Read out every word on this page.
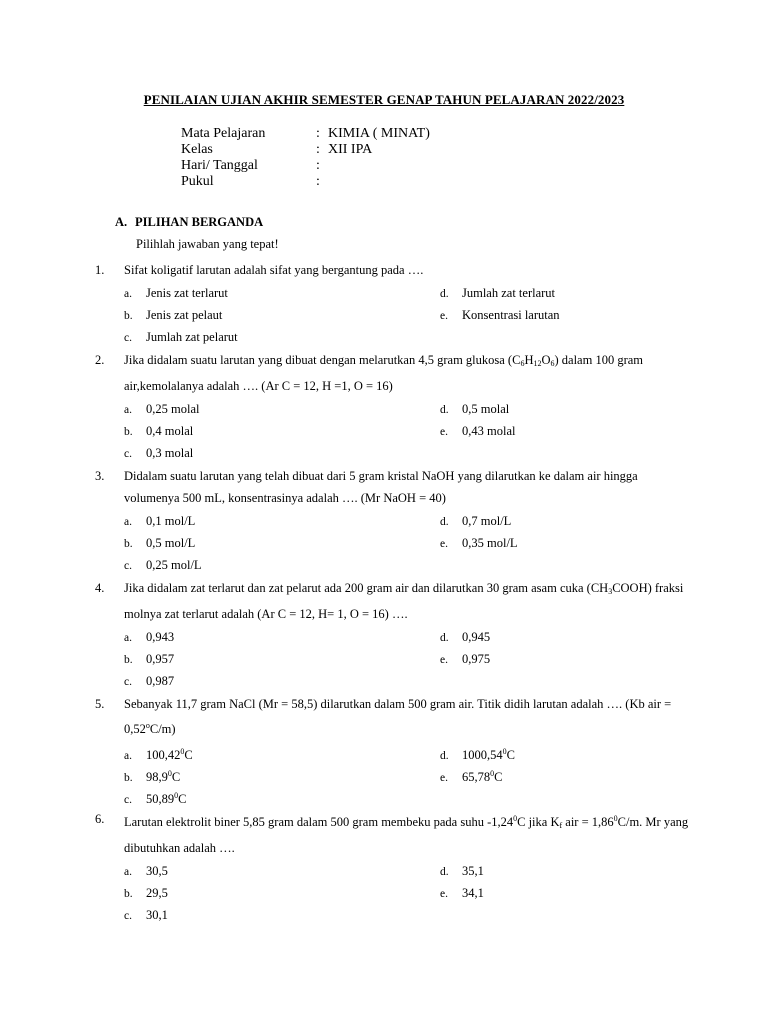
PENILAIAN UJIAN AKHIR SEMESTER GENAP TAHUN PELAJARAN 2022/2023
Mata Pelajaran	: KIMIA ( MINAT)
Kelas	: XII IPA
Hari/ Tanggal	:
Pukul	:
A. PILIHAN BERGANDA
Pilihlah jawaban yang tepat!
1. Sifat koligatif larutan adalah sifat yang bergantung pada ….
a. Jenis zat terlarut
b. Jenis zat pelaut
c. Jumlah zat pelarut
d. Jumlah zat terlarut
e. Konsentrasi larutan
2. Jika didalam suatu larutan yang dibuat dengan melarutkan 4,5 gram glukosa $(C_6H_{12}O_6)$ dalam 100 gram air,kemolalanya adalah …. (Ar C = 12, H =1, O = 16)
a. 0,25 molal
b. 0,4 molal
c. 0,3 molal
d. 0,5 molal
e. 0,43 molal
3. Didalam suatu larutan yang telah dibuat dari 5 gram kristal NaOH yang dilarutkan ke dalam air hingga volumenya 500 mL, konsentrasinya adalah …. (Mr NaOH = 40)
a. 0,1 mol/L
b. 0,5 mol/L
c. 0,25 mol/L
d. 0,7 mol/L
e. 0,35 mol/L
4. Jika didalam zat terlarut dan zat pelarut ada 200 gram air dan dilarutkan 30 gram asam cuka $(CH_3COOH)$ fraksi molnya zat terlarut adalah (Ar C = 12, H= 1, O = 16) ….
a. 0,943
b. 0,957
c. 0,987
d. 0,945
e. 0,975
5. Sebanyak 11,7 gram NaCl (Mr = 58,5) dilarutkan dalam 500 gram air. Titik didih larutan adalah …. (Kb air = $0,52^oC/m$)
a. 100,42$^0$C
b. 98,9$^0$C
c. 50,89$^0$C
d. 1000,54$^0$C
e. 65,78$^0$C
6. Larutan elektrolit biner 5,85 gram dalam 500 gram membeku pada suhu -1,24$^0$C jika $K_f$ air = $1,86^0C/m$. Mr yang dibutuhkan adalah ….
a. 30,5
b. 29,5
c. 30,1
d. 35,1
e. 34,1
